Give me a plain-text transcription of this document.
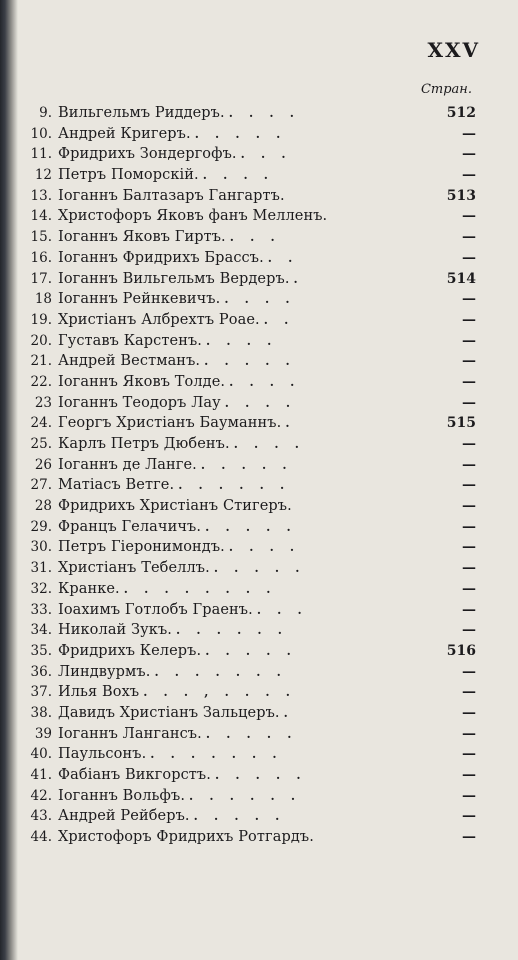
XXV
Стран.
9. Вильгельмъ Риддеръ. . . . .	512
10. Андрей Кригеръ. . . . . .	—
11. Фридрихъ Зондергофъ. . . .	—
12 Петръ Поморскій. . . . .	—
13. Іоганнъ Балтазаръ Гангартъ.	513
14. Христофоръ Яковъ фанъ Мелленъ.	—
15. Іоганнъ Яковъ Гиртъ. . . .	—
16. Іоганнъ Фридрихъ Брассъ. . .	—
17. Іоганнъ Вильгельмъ Вердеръ. .	514
18 Іоганнъ Рейнкевичъ. . . . .	—
19. Христіанъ Албрехтъ Роае. . .	—
20. Густавъ Карстенъ. . . . .	—
21. Андрей Вестманъ. . . . . .	—
22. Іоганнъ Яковъ Толде. . . . .	—
23 Іоганнъ Теодоръ Лау . . . .	—
24. Георгъ Христіанъ Бауманнъ. .	515
25. Карлъ Петръ Дюбенъ. . . . .	—
26 Іоганнъ де Ланге. . . . . .	—
27. Матіасъ Ветге. . . . . . .	—
28 Фридрихъ Христіанъ Стигеръ.	—
29. Францъ Гелачичъ. . . . . .	—
30. Петръ Гіеронимондъ. . . . .	—
31. Христіанъ Тебеллъ. . . . . .	—
32. Кранке. . . . . . . . .	—
33. Іоахимъ Готлобъ Граенъ. . . .	—
34. Николай Зукъ. . . . . . .	—
35. Фридрихъ Келеръ. . . . . .	516
36. Линдвурмъ. . . . . . . .	—
37. Илья Вохъ . . . , . . . .	—
38. Давидъ Христіанъ Зальцеръ. .	—
39 Іоганнъ Лангансъ. . . . . .	—
40. Паульсонъ. . . . . . . .	—
41. Фабіанъ Викгорстъ. . . . . .	—
42. Іоганнъ Вольфъ. . . . . . .	—
43. Андрей Рейберъ. . . . . .	—
44. Христофоръ Фридрихъ Ротгардъ.	—
